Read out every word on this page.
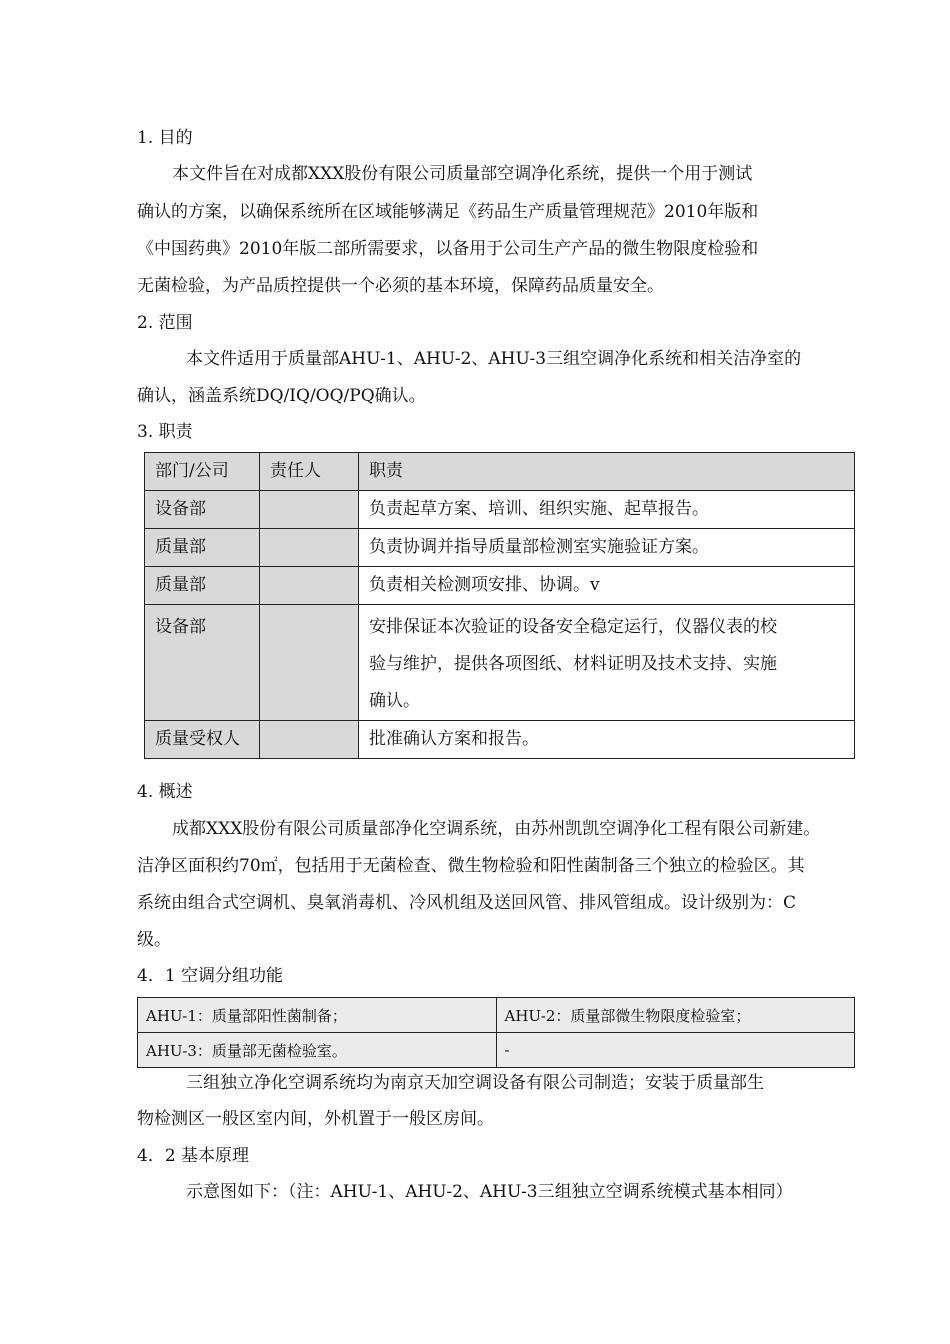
1. 目的
本文件旨在对成都XXX股份有限公司质量部空调净化系统，提供一个用于测试
确认的方案，以确保系统所在区域能够满足《药品生产质量管理规范》2010年版和
《中国药典》2010年版二部所需要求，以备用于公司生产产品的微生物限度检验和
无菌检验，为产品质控提供一个必须的基本环境，保障药品质量安全。
2. 范围
本文件适用于质量部AHU-1、AHU-2、AHU-3三组空调净化系统和相关洁净室的
确认，涵盖系统DQ/IQ/OQ/PQ确认。
3. 职责
部门/公司	责任人	职责
设备部		负责起草方案、培训、组织实施、起草报告。
质量部		负责协调并指导质量部检测室实施验证方案。
质量部		负责相关检测项安排、协调。v
设备部		安排保证本次验证的设备安全稳定运行，仪器仪表的校
验与维护，提供各项图纸、材料证明及技术支持、实施
确认。

质量受权人		批准确认方案和报告。
4. 概述
成都XXX股份有限公司质量部净化空调系统，由苏州凯凯空调净化工程有限公司新建。
洁净区面积约70㎡，包括用于无菌检查、微生物检验和阳性菌制备三个独立的检验区。其
系统由组合式空调机、臭氧消毒机、冷风机组及送回风管、排风管组成。设计级别为：C
级。
4．1 空调分组功能
AHU-1：质量部阳性菌制备；	AHU-2：质量部微生物限度检验室；
AHU-3：质量部无菌检验室。	-
三组独立净化空调系统均为南京天加空调设备有限公司制造；安装于质量部生
物检测区一般区室内间，外机置于一般区房间。
4．2 基本原理
示意图如下：（注：AHU-1、AHU-2、AHU-3三组独立空调系统模式基本相同）
